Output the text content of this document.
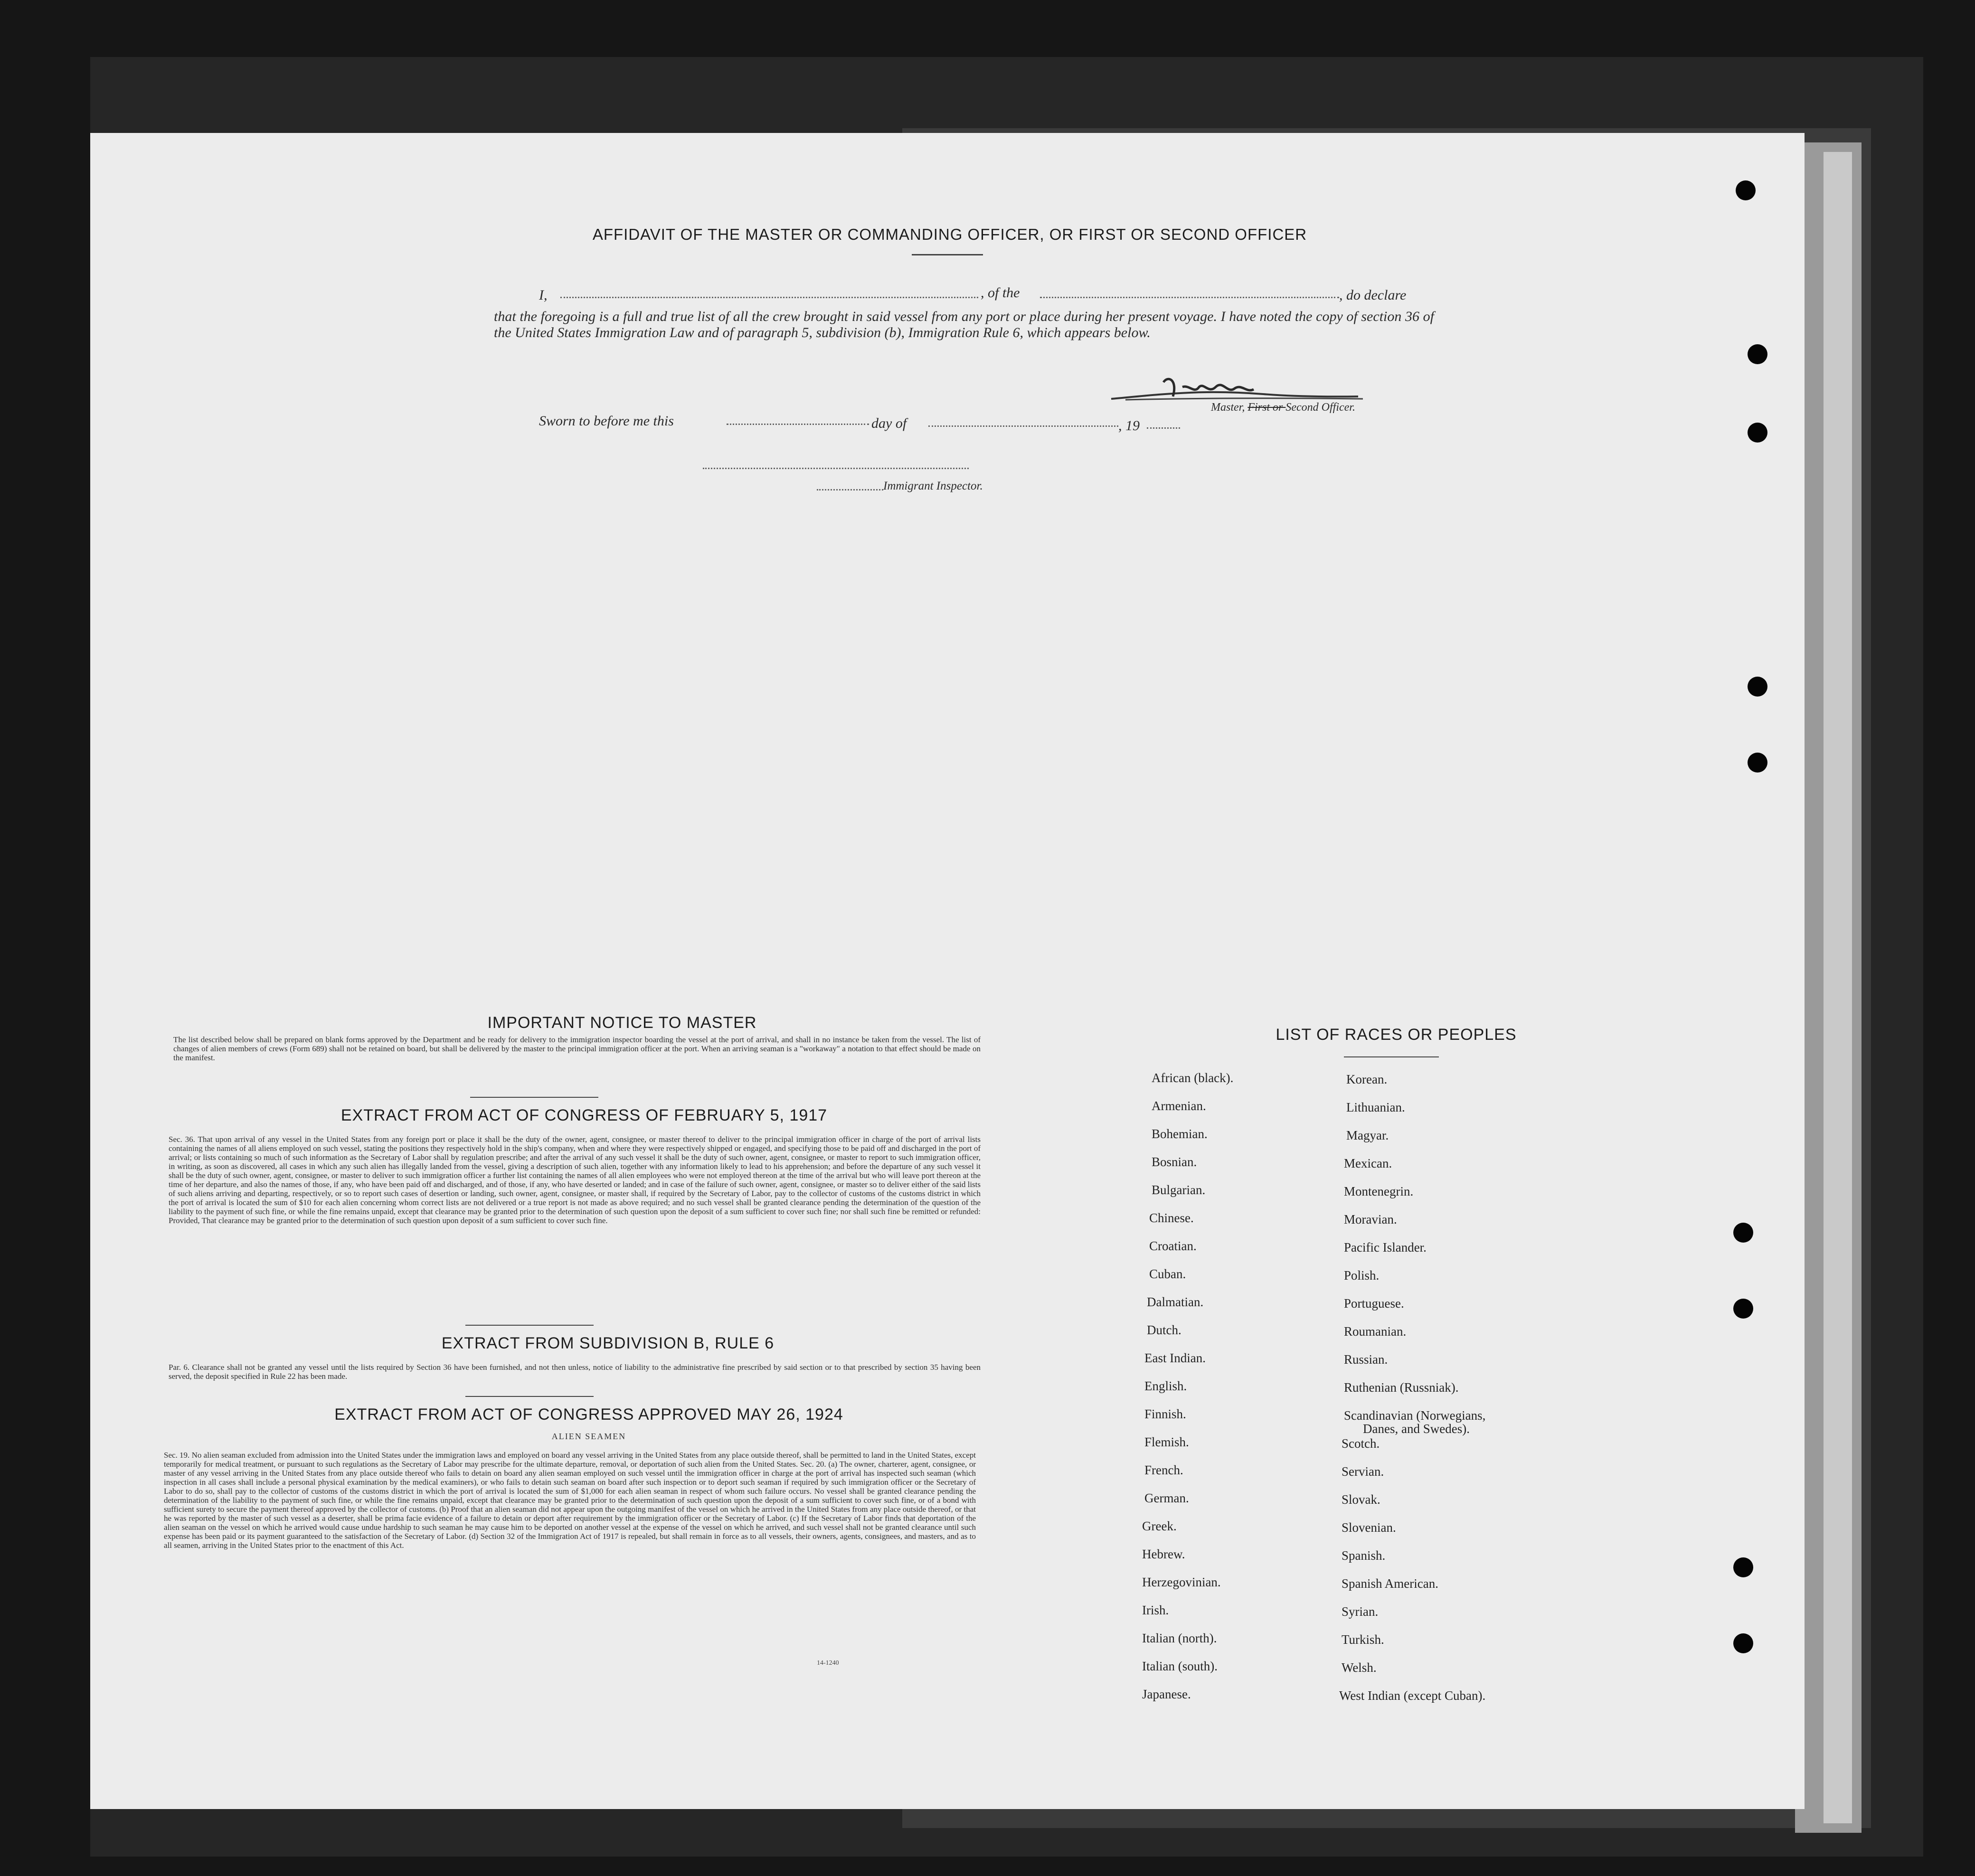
AFFIDAVIT OF THE MASTER OR COMMANDING OFFICER, OR FIRST OR SECOND OFFICER
I,	, of the	, do declare
that the foregoing is a full and true list of all the crew brought in said vessel from any port or place during her present voyage. I have noted the copy of section 36 of the United States Immigration Law and of paragraph 5, subdivision (b), Immigration Rule 6, which appears below.
Master, First or Second Officer.
Sworn to before me this	day of	, 19
Immigrant Inspector.
IMPORTANT NOTICE TO MASTER
The list described below shall be prepared on blank forms approved by the Department and be ready for delivery to the immigration inspector boarding the vessel at the port of arrival, and shall in no instance be taken from the vessel. The list of changes of alien members of crews (Form 689) shall not be retained on board, but shall be delivered by the master to the principal immigration officer at the port. When an arriving seaman is a "workaway" a notation to that effect should be made on the manifest.
EXTRACT FROM ACT OF CONGRESS OF FEBRUARY 5, 1917
Sec. 36. That upon arrival of any vessel in the United States from any foreign port or place it shall be the duty of the owner, agent, consignee, or master thereof to deliver to the principal immigration officer in charge of the port of arrival lists containing the names of all aliens employed on such vessel, stating the positions they respectively hold in the ship's company, when and where they were respectively shipped or engaged, and specifying those to be paid off and discharged in the port of arrival; or lists containing so much of such information as the Secretary of Labor shall by regulation prescribe; and after the arrival of any such vessel it shall be the duty of such owner, agent, consignee, or master to report to such immigration officer, in writing, as soon as discovered, all cases in which any such alien has illegally landed from the vessel, giving a description of such alien, together with any information likely to lead to his apprehension; and before the departure of any such vessel it shall be the duty of such owner, agent, consignee, or master to deliver to such immigration officer a further list containing the names of all alien employees who were not employed thereon at the time of the arrival but who will leave port thereon at the time of her departure, and also the names of those, if any, who have been paid off and discharged, and of those, if any, who have deserted or landed; and in case of the failure of such owner, agent, consignee, or master so to deliver either of the said lists of such aliens arriving and departing, respectively, or so to report such cases of desertion or landing, such owner, agent, consignee, or master shall, if required by the Secretary of Labor, pay to the collector of customs of the customs district in which the port of arrival is located the sum of $10 for each alien concerning whom correct lists are not delivered or a true report is not made as above required; and no such vessel shall be granted clearance pending the determination of the question of the liability to the payment of such fine, or while the fine remains unpaid, except that clearance may be granted prior to the determination of such question upon the deposit of a sum sufficient to cover such fine; nor shall such fine be remitted or refunded: Provided, That clearance may be granted prior to the determination of such question upon deposit of a sum sufficient to cover such fine.
EXTRACT FROM SUBDIVISION B, RULE 6
Par. 6. Clearance shall not be granted any vessel until the lists required by Section 36 have been furnished, and not then unless, notice of liability to the administrative fine prescribed by said section or to that prescribed by section 35 having been served, the deposit specified in Rule 22 has been made.
EXTRACT FROM ACT OF CONGRESS APPROVED MAY 26, 1924
ALIEN SEAMEN
Sec. 19. No alien seaman excluded from admission into the United States under the immigration laws and employed on board any vessel arriving in the United States from any place outside thereof, shall be permitted to land in the United States, except temporarily for medical treatment, or pursuant to such regulations as the Secretary of Labor may prescribe for the ultimate departure, removal, or deportation of such alien from the United States. Sec. 20. (a) The owner, charterer, agent, consignee, or master of any vessel arriving in the United States from any place outside thereof who fails to detain on board any alien seaman employed on such vessel until the immigration officer in charge at the port of arrival has inspected such seaman (which inspection in all cases shall include a personal physical examination by the medical examiners), or who fails to detain such seaman on board after such inspection or to deport such seaman if required by such immigration officer or the Secretary of Labor to do so, shall pay to the collector of customs of the customs district in which the port of arrival is located the sum of $1,000 for each alien seaman in respect of whom such failure occurs. No vessel shall be granted clearance pending the determination of the liability to the payment of such fine, or while the fine remains unpaid, except that clearance may be granted prior to the determination of such question upon the deposit of a sum sufficient to cover such fine, or of a bond with sufficient surety to secure the payment thereof approved by the collector of customs. (b) Proof that an alien seaman did not appear upon the outgoing manifest of the vessel on which he arrived in the United States from any place outside thereof, or that he was reported by the master of such vessel as a deserter, shall be prima facie evidence of a failure to detain or deport after requirement by the immigration officer or the Secretary of Labor. (c) If the Secretary of Labor finds that deportation of the alien seaman on the vessel on which he arrived would cause undue hardship to such seaman he may cause him to be deported on another vessel at the expense of the vessel on which he arrived, and such vessel shall not be granted clearance until such expense has been paid or its payment guaranteed to the satisfaction of the Secretary of Labor. (d) Section 32 of the Immigration Act of 1917 is repealed, but shall remain in force as to all vessels, their owners, agents, consignees, and masters, and as to all seamen, arriving in the United States prior to the enactment of this Act.
14-1240
LIST OF RACES OR PEOPLES
African (black).
Armenian.
Bohemian.
Bosnian.
Bulgarian.
Chinese.
Croatian.
Cuban.
Dalmatian.
Dutch.
East Indian.
English.
Finnish.
Flemish.
French.
German.
Greek.
Hebrew.
Herzegovinian.
Irish.
Italian (north).
Italian (south).
Japanese.
Korean.
Lithuanian.
Magyar.
Mexican.
Montenegrin.
Moravian.
Pacific Islander.
Polish.
Portuguese.
Roumanian.
Russian.
Ruthenian (Russniak).
Scandinavian (Norwegians,
Danes, and Swedes).
Scotch.
Servian.
Slovak.
Slovenian.
Spanish.
Spanish American.
Syrian.
Turkish.
Welsh.
West Indian (except Cuban).
